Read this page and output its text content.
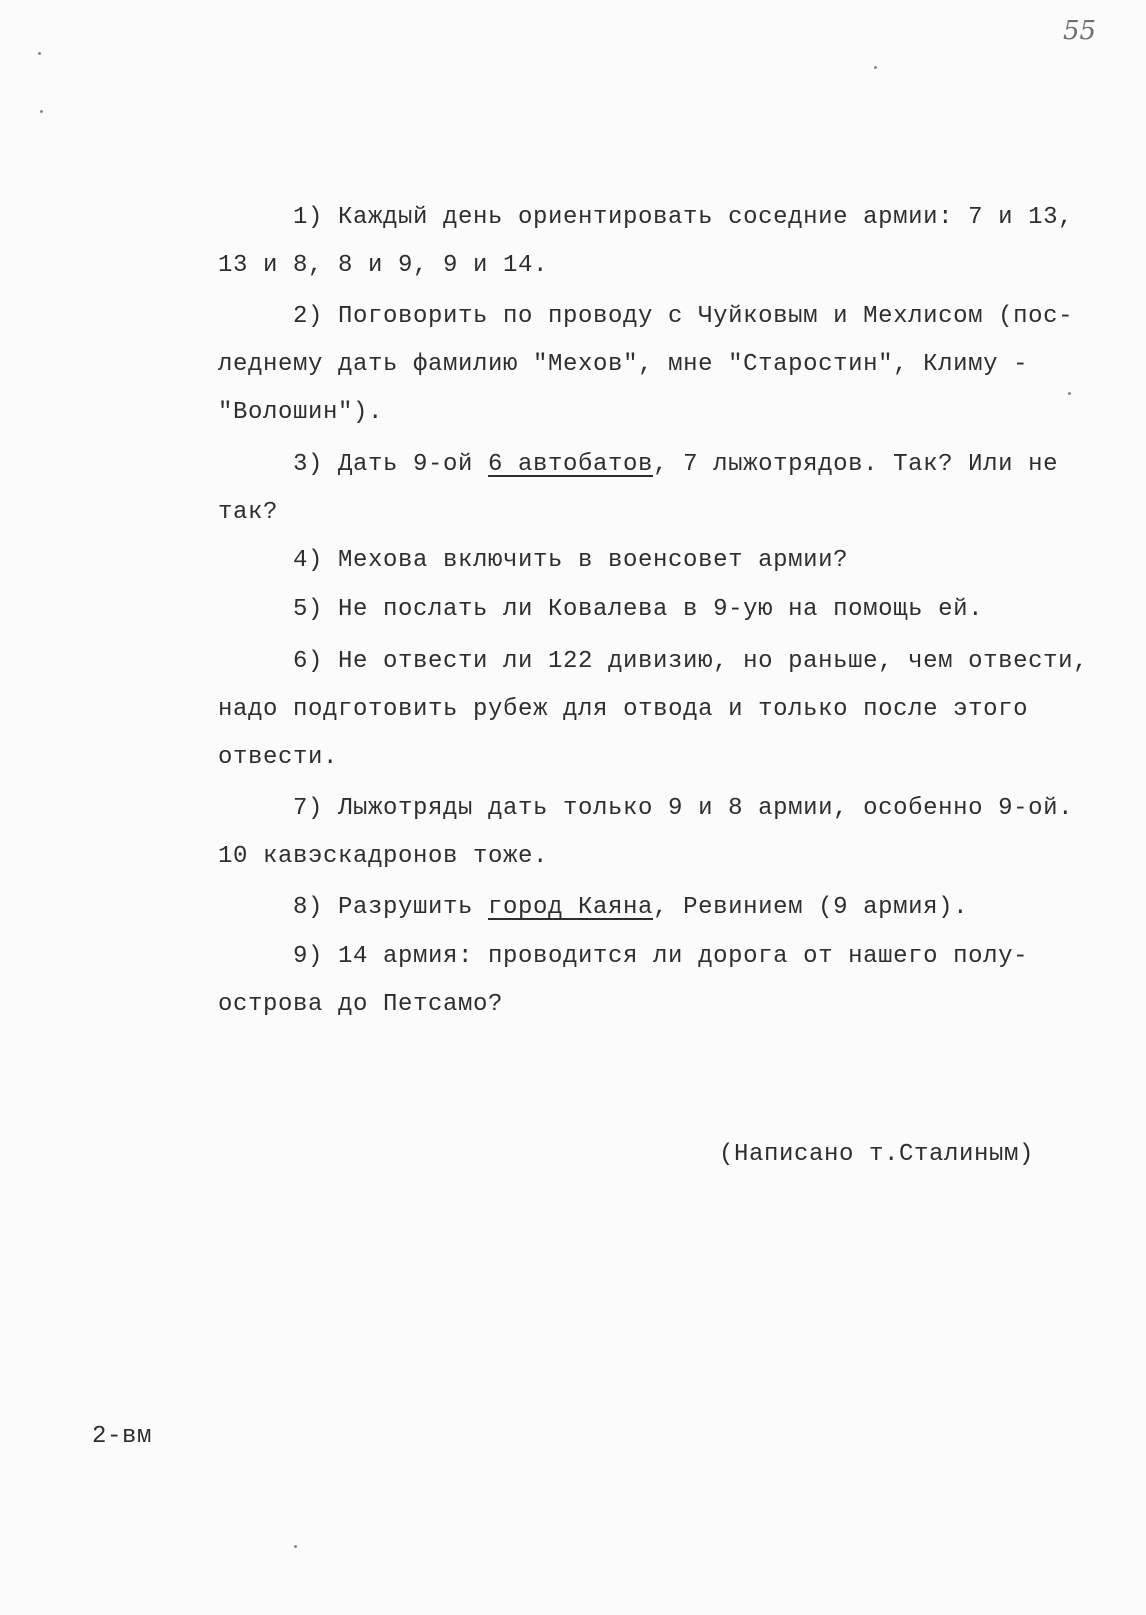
55
1) Каждый день ориентировать соседние армии: 7 и 13,
13 и 8, 8 и 9, 9 и 14.
2) Поговорить по проводу с Чуйковым и Мехлисом (пос-
леднему дать фамилию "Мехов", мне "Старостин", Климу -
"Волошин").
3) Дать 9-ой 6 автобатов, 7 лыжотрядов. Так? Или не
так?
4) Мехова включить в военсовет армии?
5) Не послать ли Ковалева в 9-ую на помощь ей.
6) Не отвести ли 122 дивизию, но раньше, чем отвести,
надо подготовить рубеж для отвода и только после этого
отвести.
7) Лыжотряды дать только 9 и 8 армии, особенно 9-ой.
10 кавэскадронов тоже.
8) Разрушить город Каяна, Ревинием (9 армия).
9) 14 армия: проводится ли дорога от нашего полу-
острова до Петсамо?
(Написано т.Сталиным)
2-вм
